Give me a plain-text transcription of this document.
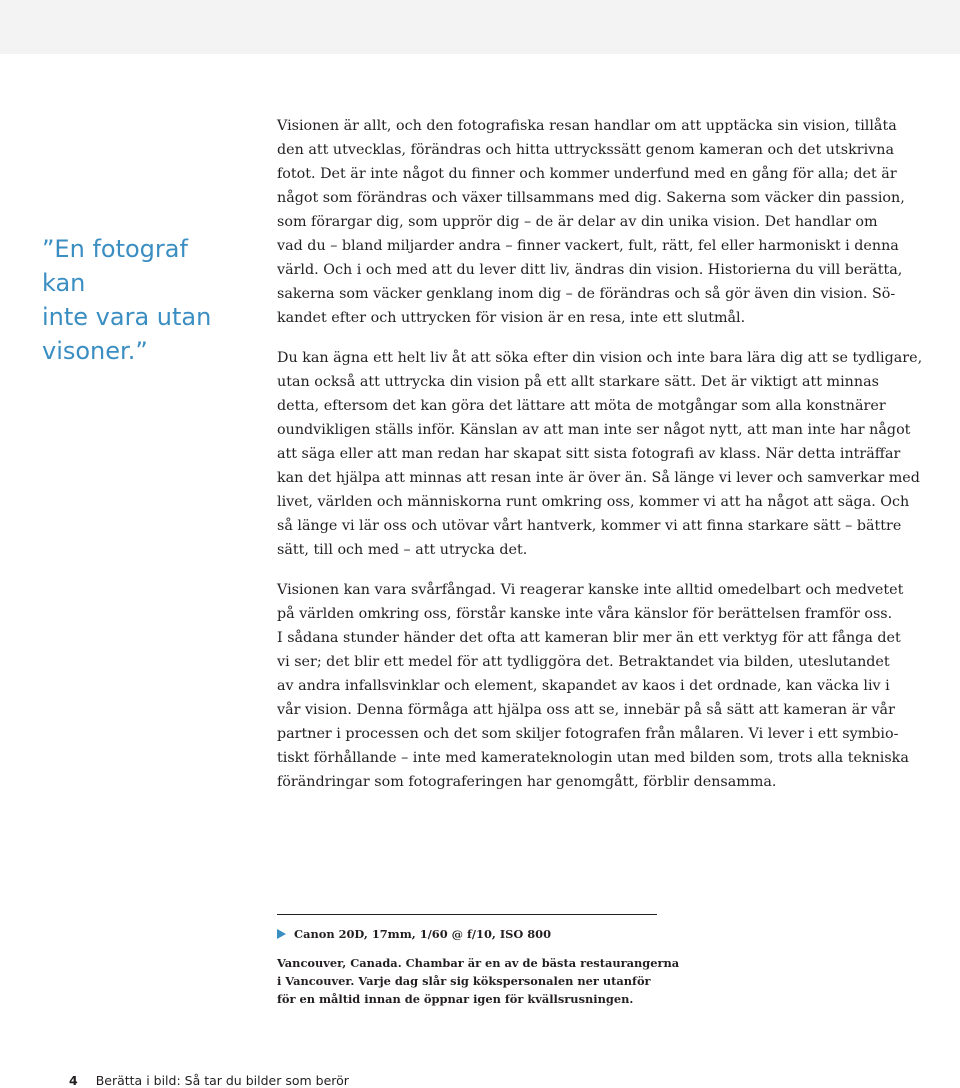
”En fotograf kan
inte vara utan
visoner.”

Visionen är allt, och den fotografiska resan handlar om att upptäcka sin vision, tillåta
den att utvecklas, förändras och hitta uttryckssätt genom kameran och det utskrivna
fotot. Det är inte något du finner och kommer underfund med en gång för alla; det är
något som förändras och växer tillsammans med dig. Sakerna som väcker din passion,
som förargar dig, som upprör dig – de är delar av din unika vision. Det handlar om
vad du – bland miljarder andra – finner vackert, fult, rätt, fel eller harmoniskt i denna
värld. Och i och med att du lever ditt liv, ändras din vision. Historierna du vill berätta,
sakerna som väcker genklang inom dig – de förändras och så gör även din vision. Sö-
kandet efter och uttrycken för vision är en resa, inte ett slutmål.

Du kan ägna ett helt liv åt att söka efter din vision och inte bara lära dig att se tydligare,
utan också att uttrycka din vision på ett allt starkare sätt. Det är viktigt att minnas
detta, eftersom det kan göra det lättare att möta de motgångar som alla konstnärer
oundvikligen ställs inför. Känslan av att man inte ser något nytt, att man inte har något
att säga eller att man redan har skapat sitt sista fotografi av klass. När detta inträffar
kan det hjälpa att minnas att resan inte är över än. Så länge vi lever och samverkar med
livet, världen och människorna runt omkring oss, kommer vi att ha något att säga. Och
så länge vi lär oss och utövar vårt hantverk, kommer vi att finna starkare sätt – bättre
sätt, till och med – att utrycka det.

Visionen kan vara svårfångad. Vi reagerar kanske inte alltid omedelbart och medvetet
på världen omkring oss, förstår kanske inte våra känslor för berättelsen framför oss.
I sådana stunder händer det ofta att kameran blir mer än ett verktyg för att fånga det
vi ser; det blir ett medel för att tydliggöra det. Betraktandet via bilden, uteslutandet
av andra infallsvinklar och element, skapandet av kaos i det ordnade, kan väcka liv i
vår vision. Denna förmåga att hjälpa oss att se, innebär på så sätt att kameran är vår
partner i processen och det som skiljer fotografen från målaren. Vi lever i ett symbio-
tiskt förhållande – inte med kamerateknologin utan med bilden som, trots alla tekniska
förändringar som fotograferingen har genomgått, förblir densamma.

Canon 20D, 17mm, 1/60 @ f/10, ISO 800
Vancouver, Canada. Chambar är en av de bästa restaurangerna
i Vancouver. Varje dag slår sig kökspersonalen ner utanför
för en måltid innan de öppnar igen för kvällsrusningen.
4 Berätta i bild: Så tar du bilder som berör
